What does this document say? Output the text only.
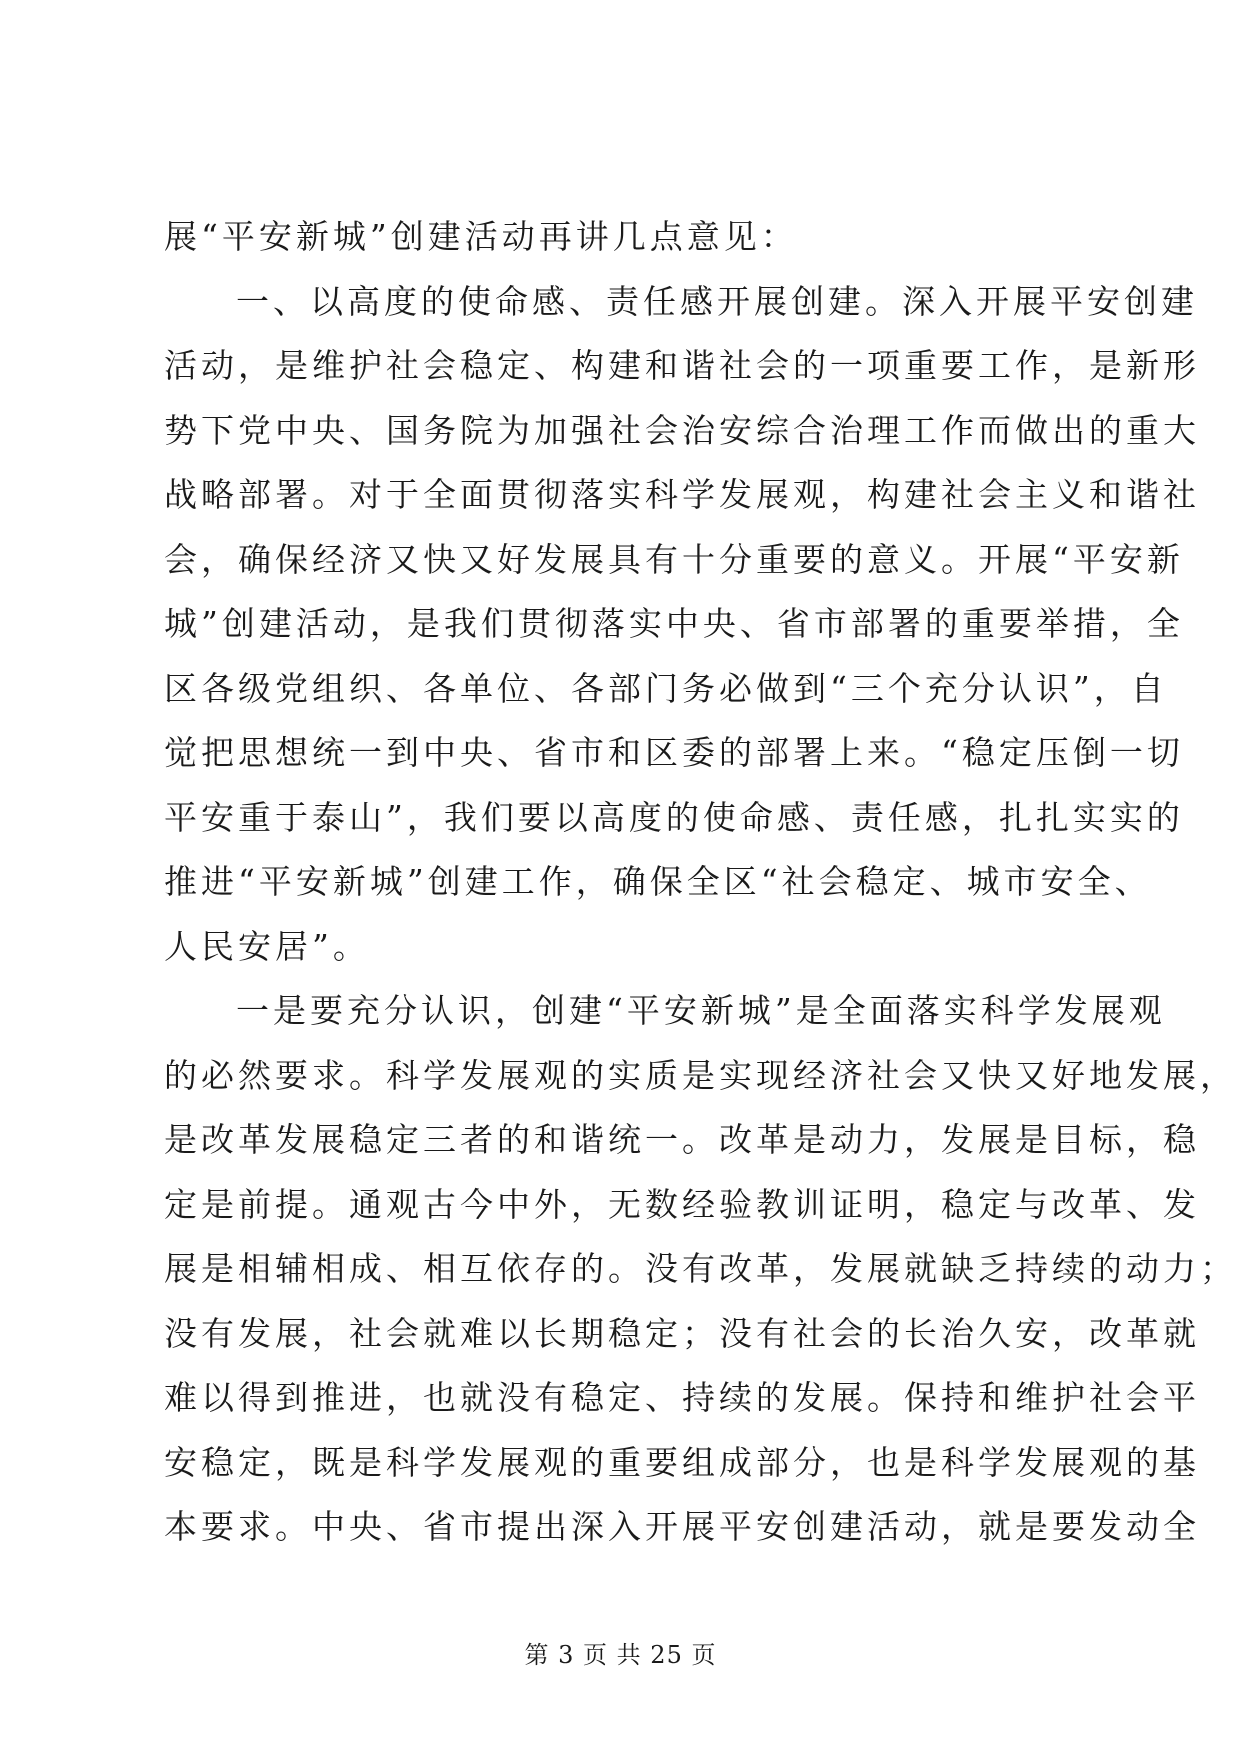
展“平安新城”创建活动再讲几点意见：
一、以高度的使命感、责任感开展创建。深入开展平安创建
活动，是维护社会稳定、构建和谐社会的一项重要工作，是新形
势下党中央、国务院为加强社会治安综合治理工作而做出的重大
战略部署。对于全面贯彻落实科学发展观，构建社会主义和谐社
会，确保经济又快又好发展具有十分重要的意义。开展“平安新
城”创建活动，是我们贯彻落实中央、省市部署的重要举措，全
区各级党组织、各单位、各部门务必做到“三个充分认识”，自
觉把思想统一到中央、省市和区委的部署上来。“稳定压倒一切
平安重于泰山”，我们要以高度的使命感、责任感，扎扎实实的
推进“平安新城”创建工作，确保全区“社会稳定、城市安全、
人民安居”。
一是要充分认识，创建“平安新城”是全面落实科学发展观
的必然要求。科学发展观的实质是实现经济社会又快又好地发展，
是改革发展稳定三者的和谐统一。改革是动力，发展是目标，稳
定是前提。通观古今中外，无数经验教训证明，稳定与改革、发
展是相辅相成、相互依存的。没有改革，发展就缺乏持续的动力；
没有发展，社会就难以长期稳定；没有社会的长治久安，改革就
难以得到推进，也就没有稳定、持续的发展。保持和维护社会平
安稳定，既是科学发展观的重要组成部分，也是科学发展观的基
本要求。中央、省市提出深入开展平安创建活动，就是要发动全
第 3 页 共 25 页
